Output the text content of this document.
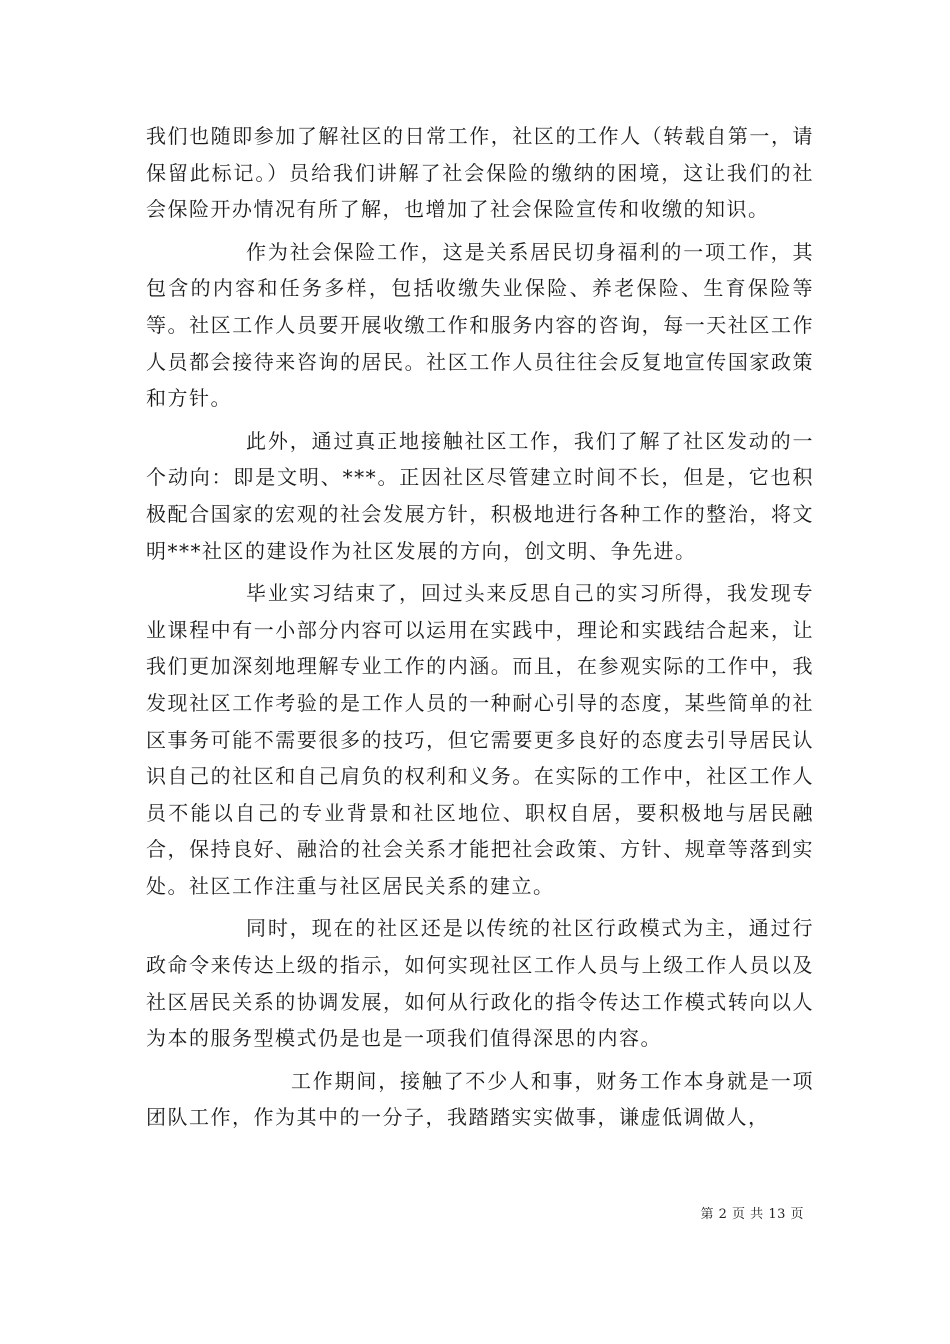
我们也随即参加了解社区的日常工作，社区的工作人（转载自第一，请保留此标记。）员给我们讲解了社会保险的缴纳的困境，这让我们的社会保险开办情况有所了解，也增加了社会保险宣传和收缴的知识。

作为社会保险工作，这是关系居民切身福利的一项工作，其包含的内容和任务多样，包括收缴失业保险、养老保险、生育保险等等。社区工作人员要开展收缴工作和服务内容的咨询，每一天社区工作人员都会接待来咨询的居民。社区工作人员往往会反复地宣传国家政策和方针。

此外，通过真正地接触社区工作，我们了解了社区发动的一个动向：即是文明、***。正因社区尽管建立时间不长，但是，它也积极配合国家的宏观的社会发展方针，积极地进行各种工作的整治，将文明***社区的建设作为社区发展的方向，创文明、争先进。

毕业实习结束了，回过头来反思自己的实习所得，我发现专业课程中有一小部分内容可以运用在实践中，理论和实践结合起来，让我们更加深刻地理解专业工作的内涵。而且，在参观实际的工作中，我发现社区工作考验的是工作人员的一种耐心引导的态度，某些简单的社区事务可能不需要很多的技巧，但它需要更多良好的态度去引导居民认识自己的社区和自己肩负的权利和义务。在实际的工作中，社区工作人员不能以自己的专业背景和社区地位、职权自居，要积极地与居民融合，保持良好、融洽的社会关系才能把社会政策、方针、规章等落到实处。社区工作注重与社区居民关系的建立。

同时，现在的社区还是以传统的社区行政模式为主，通过行政命令来传达上级的指示，如何实现社区工作人员与上级工作人员以及社区居民关系的协调发展，如何从行政化的指令传达工作模式转向以人为本的服务型模式仍是也是一项我们值得深思的内容。

工作期间，接触了不少人和事，财务工作本身就是一项团队工作，作为其中的一分子，我踏踏实实做事，谦虚低调做人，

第 2 页 共 13 页
